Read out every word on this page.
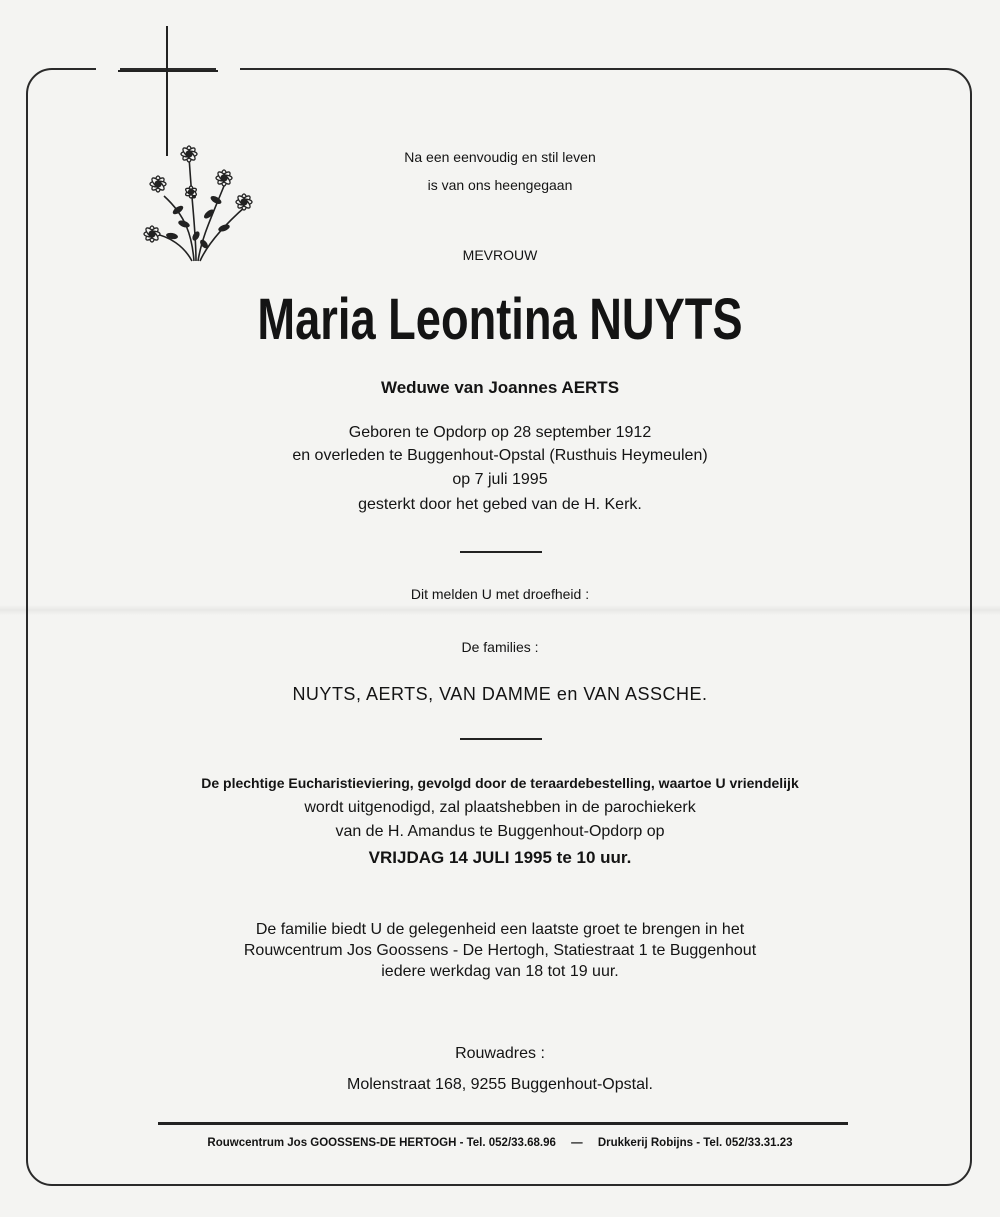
Na een eenvoudig en stil leven
is van ons heengegaan
MEVROUW
Maria Leontina NUYTS
Weduwe van Joannes AERTS
Geboren te Opdorp op 28 september 1912
en overleden te Buggenhout-Opstal (Rusthuis Heymeulen)
op 7 juli 1995
gesterkt door het gebed van de H. Kerk.
Dit melden U met droefheid :
De families :
NUYTS, AERTS, VAN DAMME en VAN ASSCHE.
De plechtige Eucharistieviering, gevolgd door de teraardebestelling, waartoe U vriendelijk
wordt uitgenodigd, zal plaatshebben in de parochiekerk
van de H. Amandus te Buggenhout-Opdorp op
VRIJDAG 14 JULI 1995 te 10 uur.
De familie biedt U de gelegenheid een laatste groet te brengen in het
Rouwcentrum Jos Goossens - De Hertogh, Statiestraat 1 te Buggenhout
iedere werkdag van 18 tot 19 uur.
Rouwadres :
Molenstraat 168, 9255 Buggenhout-Opstal.
Rouwcentrum Jos GOOSSENS-DE HERTOGH - Tel. 052/33.68.96 — Drukkerij Robijns - Tel. 052/33.31.23
